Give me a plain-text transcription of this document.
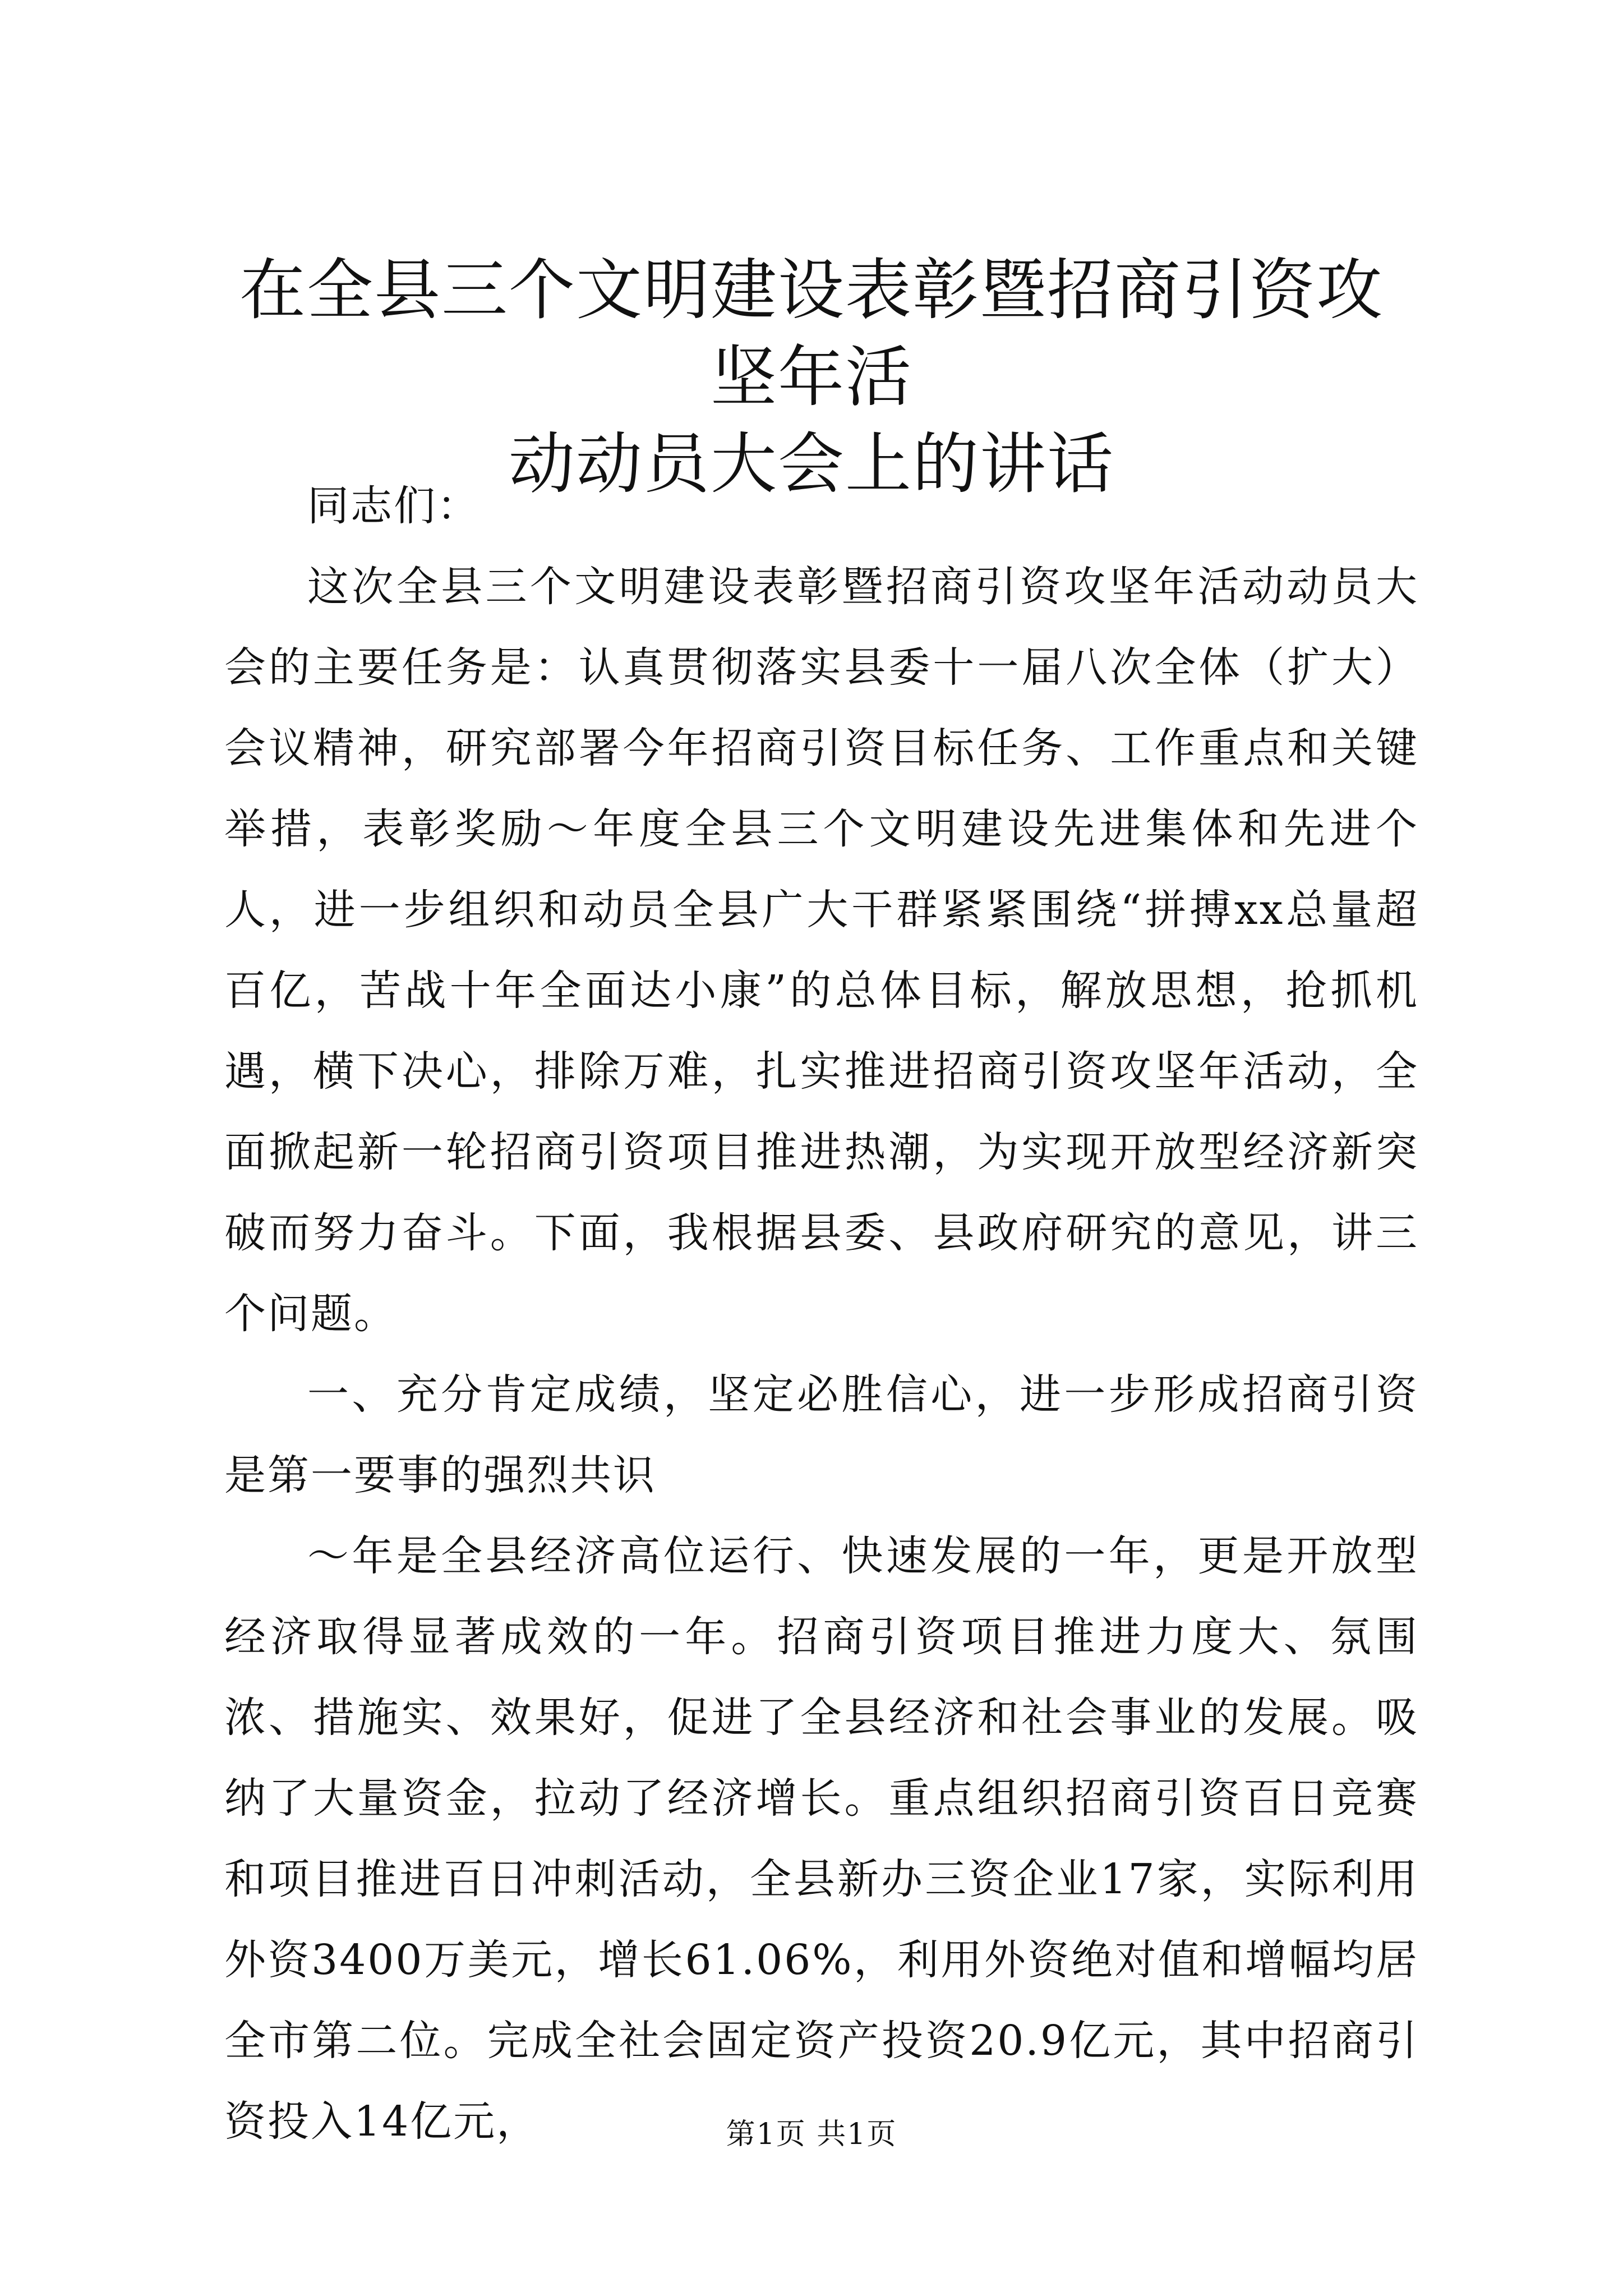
在全县三个文明建设表彰暨招商引资攻坚年活
动动员大会上的讲话

同志们：

这次全县三个文明建设表彰暨招商引资攻坚年活动动员大会的主要任务是：认真贯彻落实县委十一届八次全体（扩大）会议精神，研究部署今年招商引资目标任务、工作重点和关键举措，表彰奖励～年度全县三个文明建设先进集体和先进个人，进一步组织和动员全县广大干群紧紧围绕“拼搏xx总量超百亿，苦战十年全面达小康”的总体目标，解放思想，抢抓机遇，横下决心，排除万难，扎实推进招商引资攻坚年活动，全面掀起新一轮招商引资项目推进热潮，为实现开放型经济新突破而努力奋斗。下面，我根据县委、县政府研究的意见，讲三个问题。

一、充分肯定成绩，坚定必胜信心，进一步形成招商引资是第一要事的强烈共识

～年是全县经济高位运行、快速发展的一年，更是开放型经济取得显著成效的一年。招商引资项目推进力度大、氛围浓、措施实、效果好，促进了全县经济和社会事业的发展。吸纳了大量资金，拉动了经济增长。重点组织招商引资百日竞赛和项目推进百日冲刺活动，全县新办三资企业17家，实际利用外资3400万美元，增长61.06%，利用外资绝对值和增幅均居全市第二位。完成全社会固定资产投资20.9亿元，其中招商引资投入14亿元，	第1页 共1页
